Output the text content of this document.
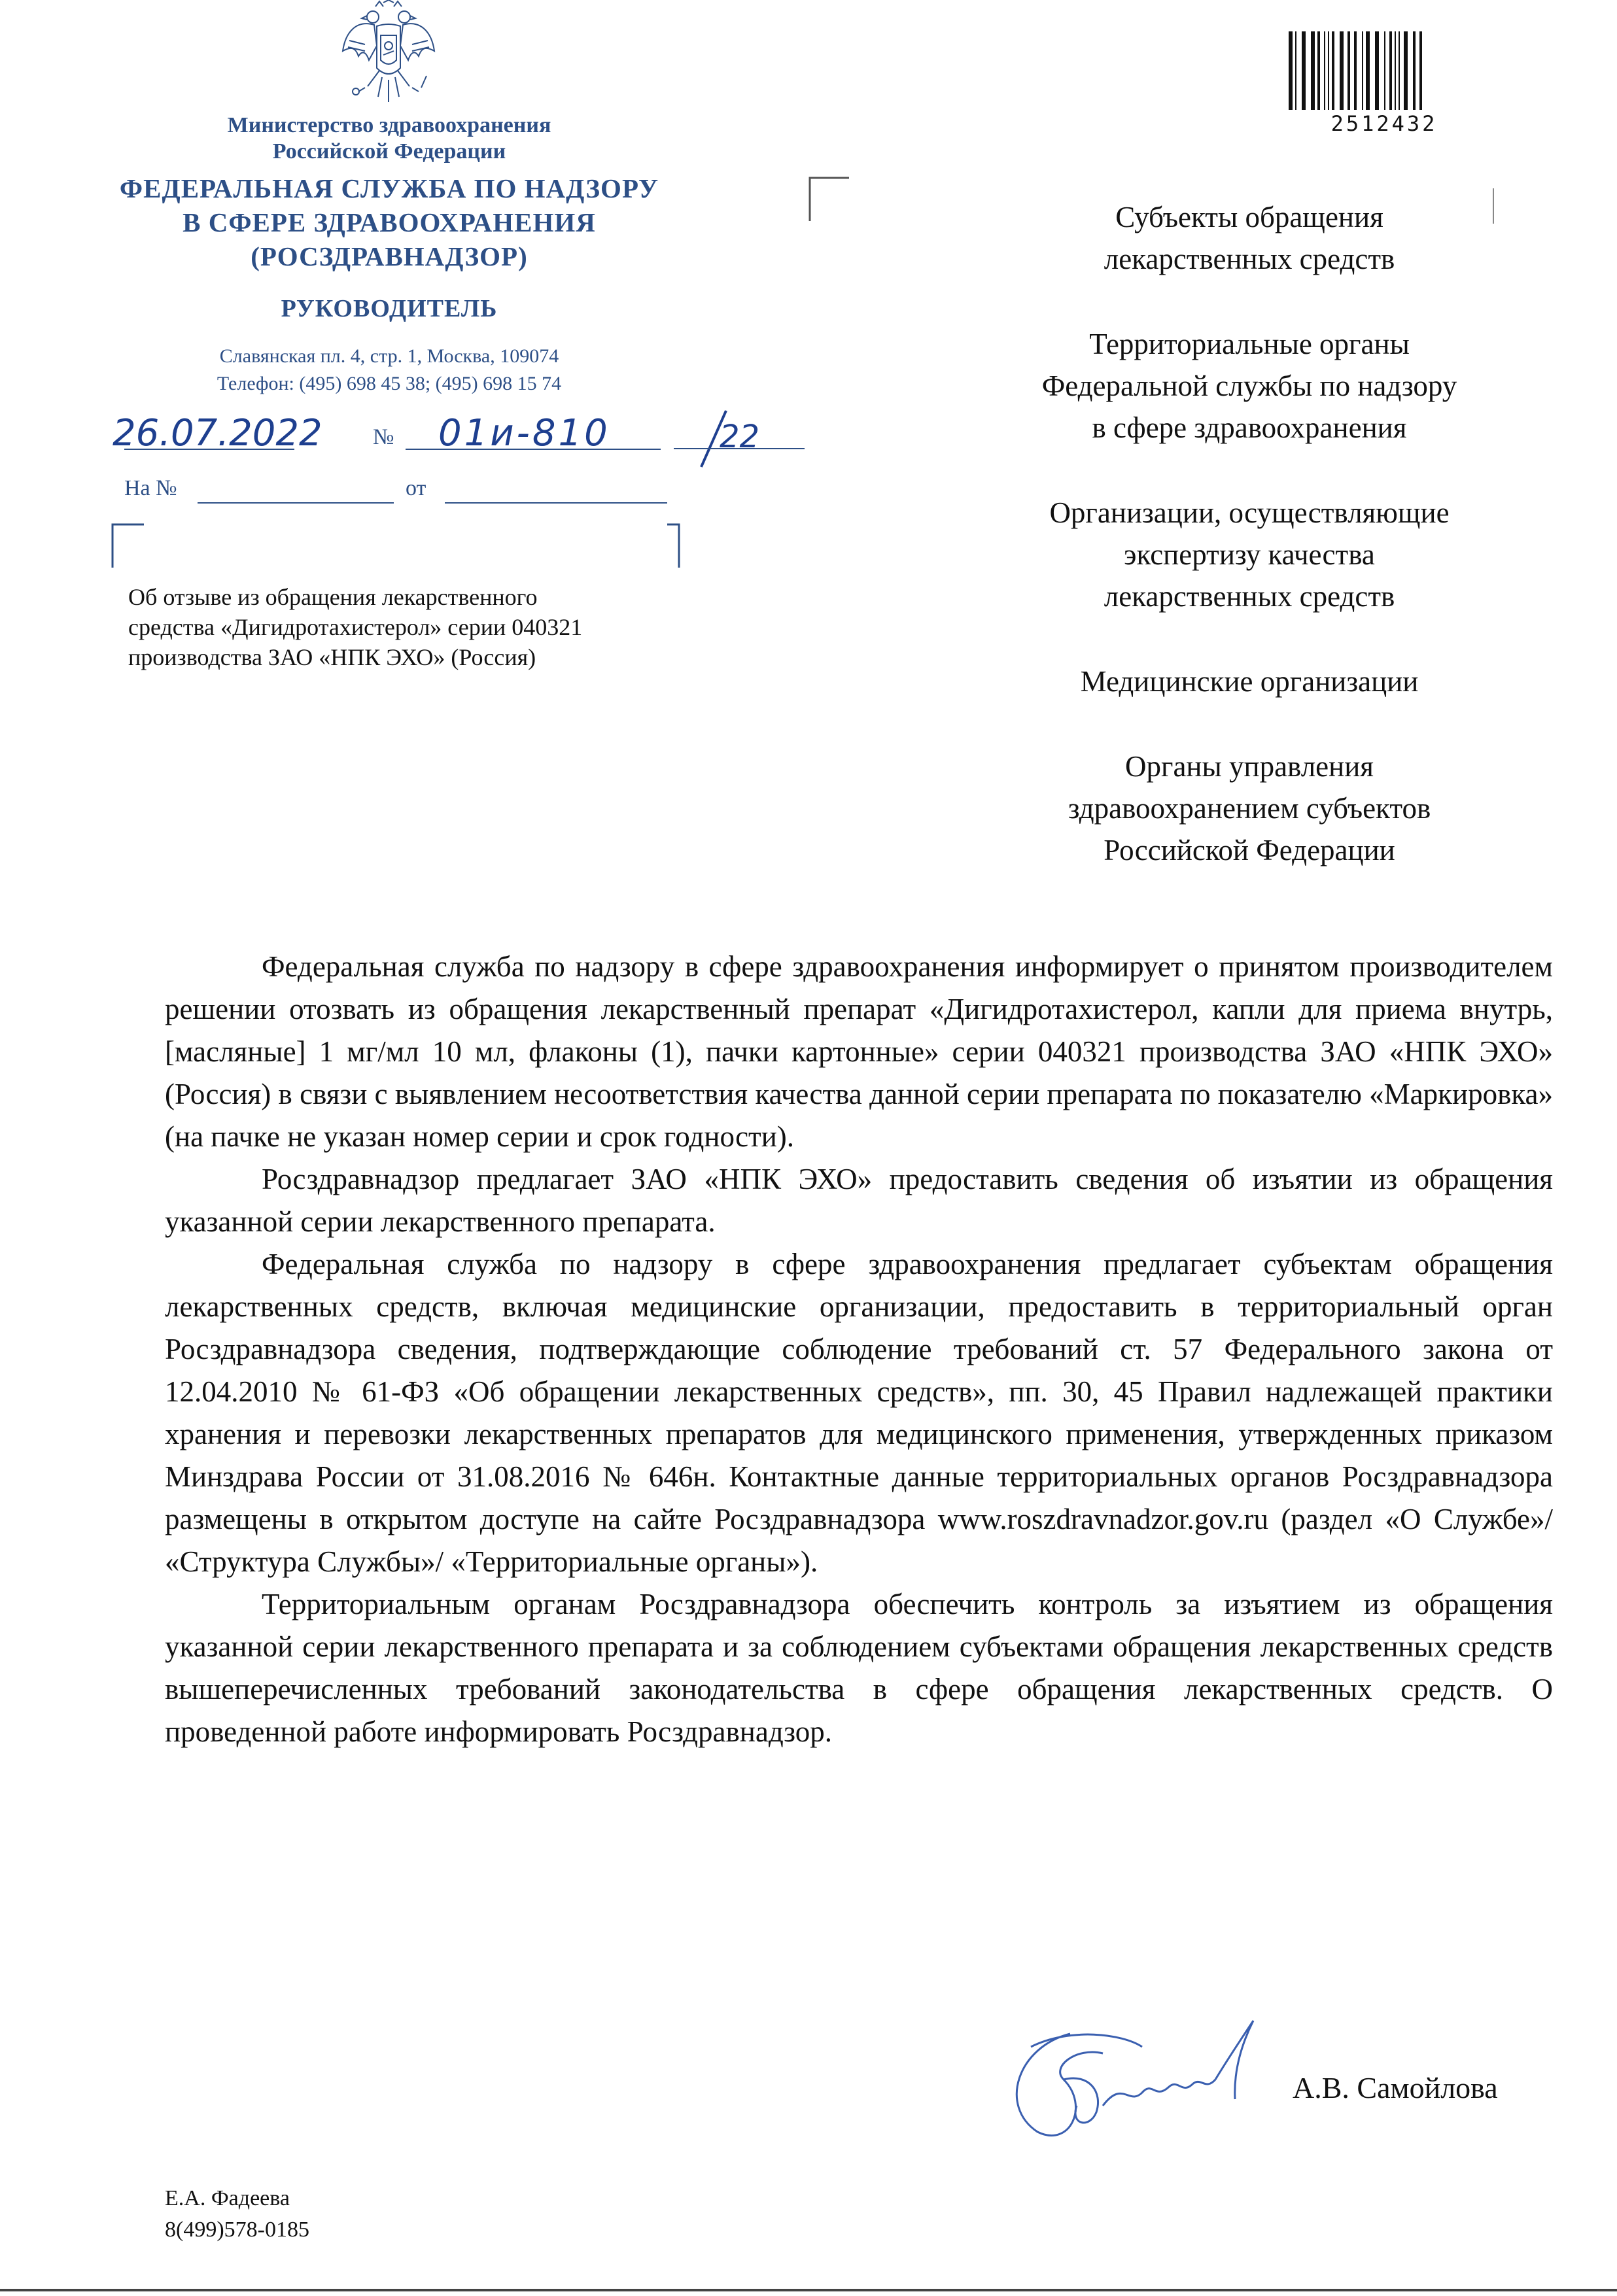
Министерство здравоохранения
Российской Федерации
ФЕДЕРАЛЬНАЯ СЛУЖБА ПО НАДЗОРУ
В СФЕРЕ ЗДРАВООХРАНЕНИЯ
(РОСЗДРАВНАДЗОР)
РУКОВОДИТЕЛЬ
Славянская пл. 4, стр. 1, Москва, 109074
Телефон: (495) 698 45 38; (495) 698 15 74
26.07.2022 № 01и-810	22
На №	от
Об отзыве из обращения лекарственного
средства «Дигидротахистерол» серии 040321
производства ЗАО «НПК ЭХО» (Россия)
2512432
Субъекты обращения
лекарственных средств
Территориальные органы
Федеральной службы по надзору
в сфере здравоохранения
Организации, осуществляющие
экспертизу качества
лекарственных средств
Медицинские организации
Органы управления
здравоохранением субъектов
Российской Федерации

Федеральная служба по надзору в сфере здравоохранения информирует о принятом производителем решении отозвать из обращения лекарственный препарат «Дигидротахистерол, капли для приема внутрь, [масляные] 1 мг/мл 10 мл, флаконы (1), пачки картонные» серии 040321 производства ЗАО «НПК ЭХО» (Россия) в связи с выявлением несоответствия качества данной серии препарата по показателю «Маркировка» (на пачке не указан номер серии и срок годности).

Росздравнадзор предлагает ЗАО «НПК ЭХО» предоставить сведения об изъятии из обращения указанной серии лекарственного препарата.

Федеральная служба по надзору в сфере здравоохранения предлагает субъектам обращения лекарственных средств, включая медицинские организации, предоставить в территориальный орган Росздравнадзора сведения, подтверждающие соблюдение требований ст. 57 Федерального закона от 12.04.2010 № 61-ФЗ «Об обращении лекарственных средств», пп. 30, 45 Правил надлежащей практики хранения и перевозки лекарственных препаратов для медицинского применения, утвержденных приказом Минздрава России от 31.08.2016 № 646н. Контактные данные территориальных органов Росздравнадзора размещены в открытом доступе на сайте Росздравнадзора www.roszdravnadzor.gov.ru (раздел «О Службе»/ «Структура Службы»/ «Территориальные органы»).

Территориальным органам Росздравнадзора обеспечить контроль за изъятием из обращения указанной серии лекарственного препарата и за соблюдением субъектами обращения лекарственных средств вышеперечисленных требований законодательства в сфере обращения лекарственных средств. О проведенной работе информировать Росздравнадзор.

А.В. Самойлова
Е.А. Фадеева
8(499)578-0185
